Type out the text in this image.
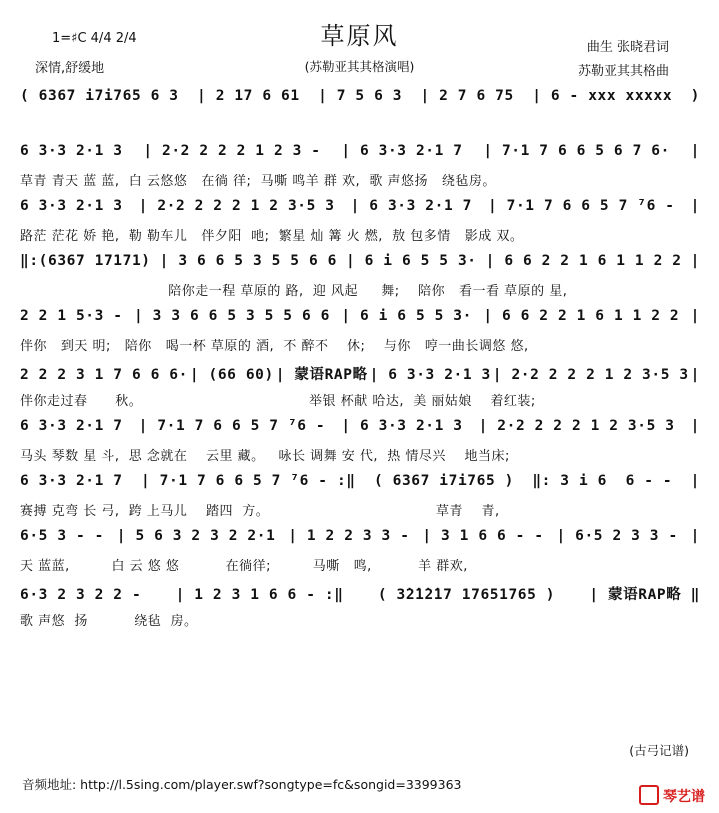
草原风
(苏勒亚其其格演唱)
1=♯C 4/4 2/4
深情,舒缓地
曲生 张晓君词
苏勒亚其其格曲
( 6367 i7i765 6 3 | 2 17 6 61 | 7 5 6 3 | 2 7 6 75 | 6 - xxx xxxxx )
6 3·3 2·1 3 | 2·2 2 2 2 1 2 3 - | 6 3·3 2·1 7 | 7·1 7 6 6 5 6 7 6· |
草青 青天 蓝 蓝,  白 云悠悠   在徜 徉;  马嘶 鸣羊 群 欢,  歌 声悠扬   绕毡房。
6 3·3 2·1 3 | 2·2 2 2 2 1 2 3·5 3 | 6 3·3 2·1 7 | 7·1 7 6 6 5 7 ⁷6 - |
路茫 茫花 娇 艳,  勒 勒车儿   伴夕阳  吔;  繁星 灿 篝 火 燃,  敖 包多情   影成 双。
‖:(6367 17171) | 3 6 6 5 3 5 5 6 6 | 6 i 6 5 5 3· | 6 6 2 2 1 6 1 1 2 2 |
陪你走一程 草原的 路,  迎 风起     舞;    陪你   看一看 草原的 星,
2 2 1 5·3 - | 3 3 6 6 5 3 5 5 6 6 | 6 i 6 5 5 3· | 6 6 2 2 1 6 1 1 2 2 |
伴你   到天 明;   陪你   喝一杯 草原的 酒,  不 醉不    休;    与你   哼一曲长调悠 悠,
2 2 2 3 1 7 6 6 6· | (66 60) | 蒙语RAP略 | 6 3·3 2·1 3 | 2·2 2 2 2 1 2 3·5 3 |
伴你走过春      秋。                                    举银 杯献 哈达,  美 丽姑娘    着红装;
6 3·3 2·1 7 | 7·1 7 6 6 5 7 ⁷6 - | 6 3·3 2·1 3 | 2·2 2 2 2 1 2 3·5 3 |
马头 琴数 星 斗,  思 念就在    云里 藏。   咏长 调舞 安 代,  热 情尽兴    地当床;
6 3·3 2·1 7 | 7·1 7 6 6 5 7 ⁷6 - :‖ ( 6367 i7i765 ) ‖: 3 i 6  6 - - |
赛搏 克弯 长 弓,  跨 上马儿    踏四  方。                                    草青    青,
6·5 3 - - | 5 6 3 2 3 2 2·1 | 1 2 2 3 3 - | 3 1 6 6 - - | 6·5 2 3 3 - |
天 蓝蓝,         白 云 悠 悠          在徜徉;         马嘶   鸣,          羊 群欢,
6·3 2 3 2 2 - | 1 2 3 1 6 6 - :‖ ( 3̇2̇1̇2̇17 17651765 ) | 蒙语RAP略 ‖
歌 声悠  扬          绕毡  房。
(古弓记谱)
音频地址: http://l.5sing.com/player.swf?songtype=fc&songid=3399363
琴艺谱
